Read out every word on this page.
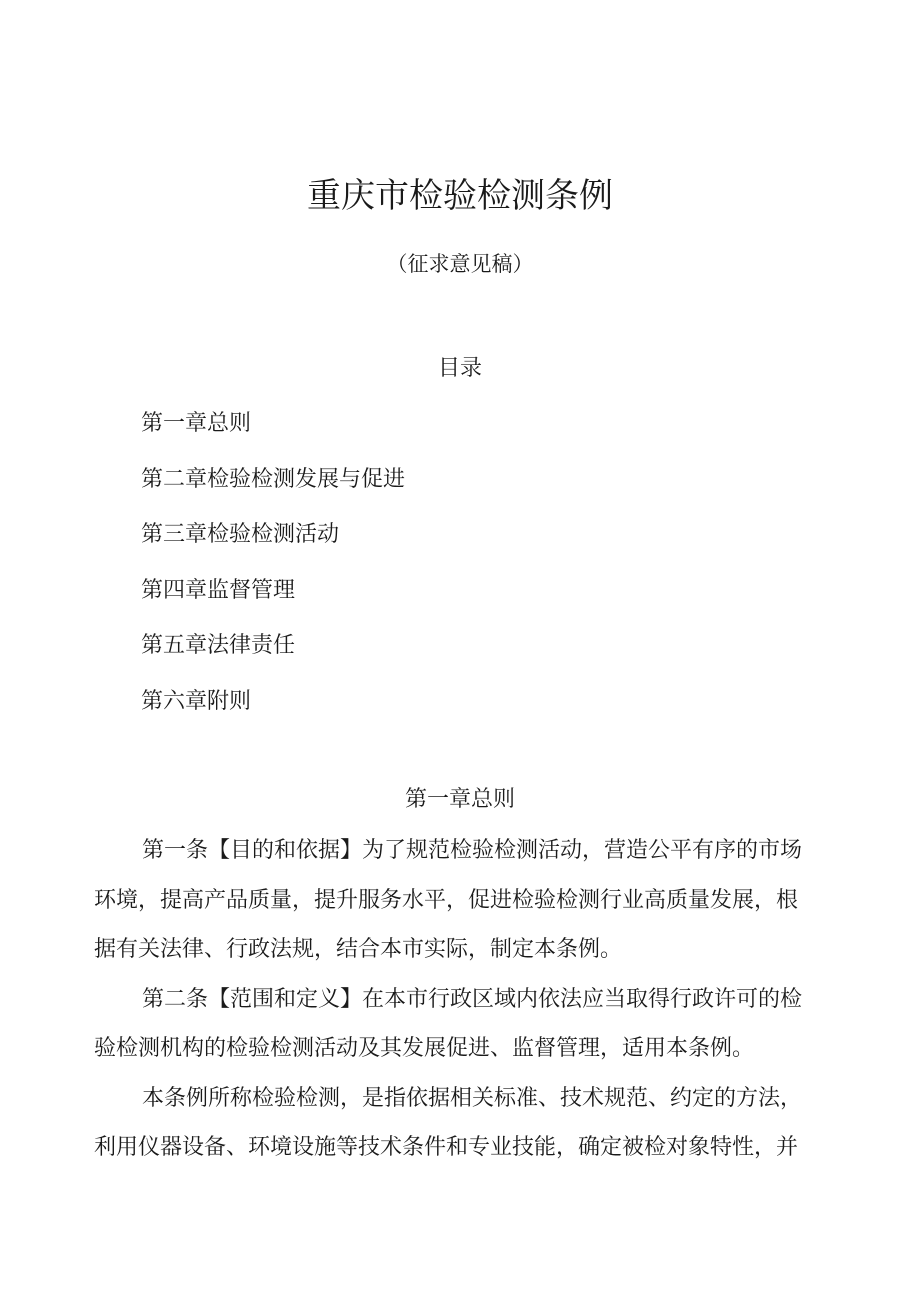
重庆市检验检测条例
（征求意见稿）
目录
第一章总则
第二章检验检测发展与促进
第三章检验检测活动
第四章监督管理
第五章法律责任
第六章附则
第一章总则

第一条【目的和依据】为了规范检验检测活动，营造公平有序的市场
环境，提高产品质量，提升服务水平，促进检验检测行业高质量发展，根
据有关法律、行政法规，结合本市实际，制定本条例。

第二条【范围和定义】在本市行政区域内依法应当取得行政许可的检
验检测机构的检验检测活动及其发展促进、监督管理，适用本条例。

本条例所称检验检测，是指依据相关标准、技术规范、约定的方法，
利用仪器设备、环境设施等技术条件和专业技能，确定被检对象特性，并
